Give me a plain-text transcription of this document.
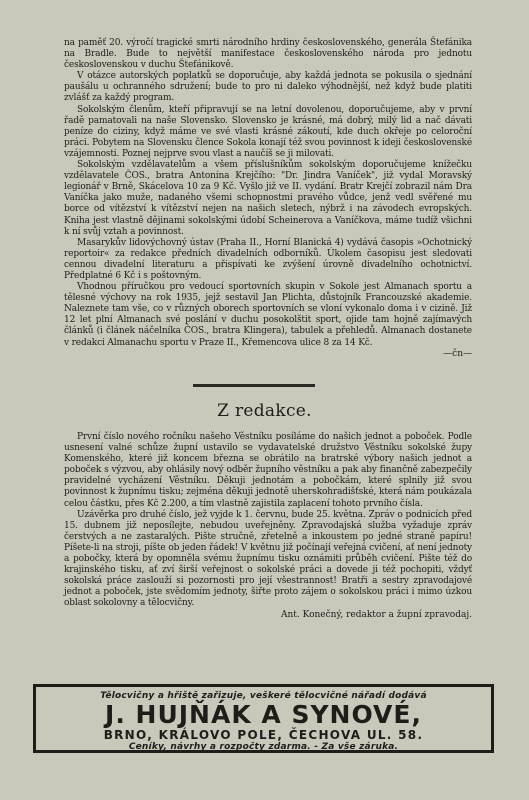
na paměť 20. výročí tragické smrti národního hrdiny československého, generála Štefánika na Bradle. Bude to největší manifestace československého národa pro jednotu československou v duchu Štefánikově.

V otázce autorských poplatků se doporučuje, aby každá jednota se pokusila o sjednání paušálu u ochranného sdružení; bude to pro ni daleko výhodnější, než když bude platiti zvlášť za každý program.

Sokolským členům, kteří připravují se na letní dovolenou, doporučujeme, aby v první řadě pamatovali na naše Slovensko. Slovensko je krásné, má dobrý, milý lid a nač dávati peníze do ciziny, když máme ve své vlasti krásné zákoutí, kde duch okřeje po celoroční práci. Pobytem na Slovensku člence Sokola konají též svou povinnost k ideji československé vzájemnosti. Poznej nejprve svou vlast a naučíš se ji milovati.

Sokolským vzdělavatelům a všem příslušníkům sokolským doporučujeme knížečku vzdělavatele ČOS., bratra Antonína Krejčího: "Dr. Jindra Vaníček", již vydal Moravský legionář v Brně, Skácelova 10 za 9 Kč. Vyšlo již ve II. vydání. Bratr Krejčí zobrazil nám Dra Vaníčka jako muže, nadaného všemi schopnostmi pravého vůdce, jenž vedl svěřené mu borce od vítězství k vítězství nejen na našich sletech, nýbrž i na závodech evropských. Kniha jest vlastně dějinami sokolskými údobí Scheinerova a Vaníčkova, máme tudíž všichni k ní svůj vztah a povinnost.

Masarykův lidovýchovný ústav (Praha II., Horní Blanická 4) vydává časopis »Ochotnický reportoir« za redakce předních divadelních odborníků. Úkolem časopisu jest sledovati cennou divadelní literaturu a přispívati ke zvýšení úrovně divadelního ochotnictví. Předplatné 6 Kč i s poštovným.

Vhodnou příručkou pro vedoucí sportovních skupin v Sokole jest Almanach sportu a tělesné výchovy na rok 1935, jejž sestavil Jan Plichta, důstojník Francouzské akademie. Naleznete tam vše, co v různých oborech sportovních se vloní vykonalo doma i v cizině. Již 12 let plní Almanach své poslání v duchu posokolštit sport, ojide tam hojně zajímavých článků (i článek náčelníka ČOS., bratra Klingera), tabulek a přehledů. Almanach dostanete v redakci Almanachu sportu v Praze II., Křemencova ulice 8 za 14 Kč.

—čn—
Z redakce.

První číslo nového ročníku našeho Věstníku posíláme do našich jednot a poboček. Podle usnesení valné schůze župní ustavilo se vydavatelské družstvo Věstníku sokolské župy Komenského, které již koncem března se obrátilo na bratrské výbory našich jednot a poboček s výzvou, aby ohlásily nový odběr župního věstníku a pak aby finančně zabezpečily pravidelné vycházení Věstníku. Děkuji jednotám a pobočkám, které splnily již svou povinnost k župnímu tisku; zejména děkuji jednotě uherskohradišťské, která nám poukázala celou částku, přes Kč 2.200, a tím vlastně zajistila zaplacení tohoto prvního čísla.

Uzávěrka pro druhé číslo, jež vyjde k 1. červnu, bude 25. května. Zpráv o podnicích před 15. dubnem již neposílejte, nebudou uveřejněny. Zpravodajská služba vyžaduje zpráv čerstvých a ne zastaralých. Pište stručně, zřetelně a inkoustem po jedné straně papíru! Píšete-li na stroji, píšte ob jeden řádek! V květnu již počínají veřejná cvičení, ať není jednoty a pobočky, která by opomněla svému župnímu tisku oznámiti průběh cvičení. Pište též do krajinského tisku, ať zví širší veřejnost o sokolské práci a dovede ji též pochopiti, vždyť sokolská práce zaslouží si pozornosti pro její všestrannost! Bratři a sestry zpravodajové jednot a poboček, jste svědomím jednoty, šiřte proto zájem o sokolskou práci i mimo úzkou oblast sokolovny a tělocvičny.

Ant. Konečný, redaktor a župní zpravodaj.
Tělocvičny a hřiště zařizuje, veškeré tělocvičné nářadí dodává
J. HUJŇÁK A SYNOVÉ,
BRNO, KRÁLOVO POLE, ČECHOVA UL. 58.
Ceníky, návrhy a rozpočty zdarma. - Za vše záruka.
